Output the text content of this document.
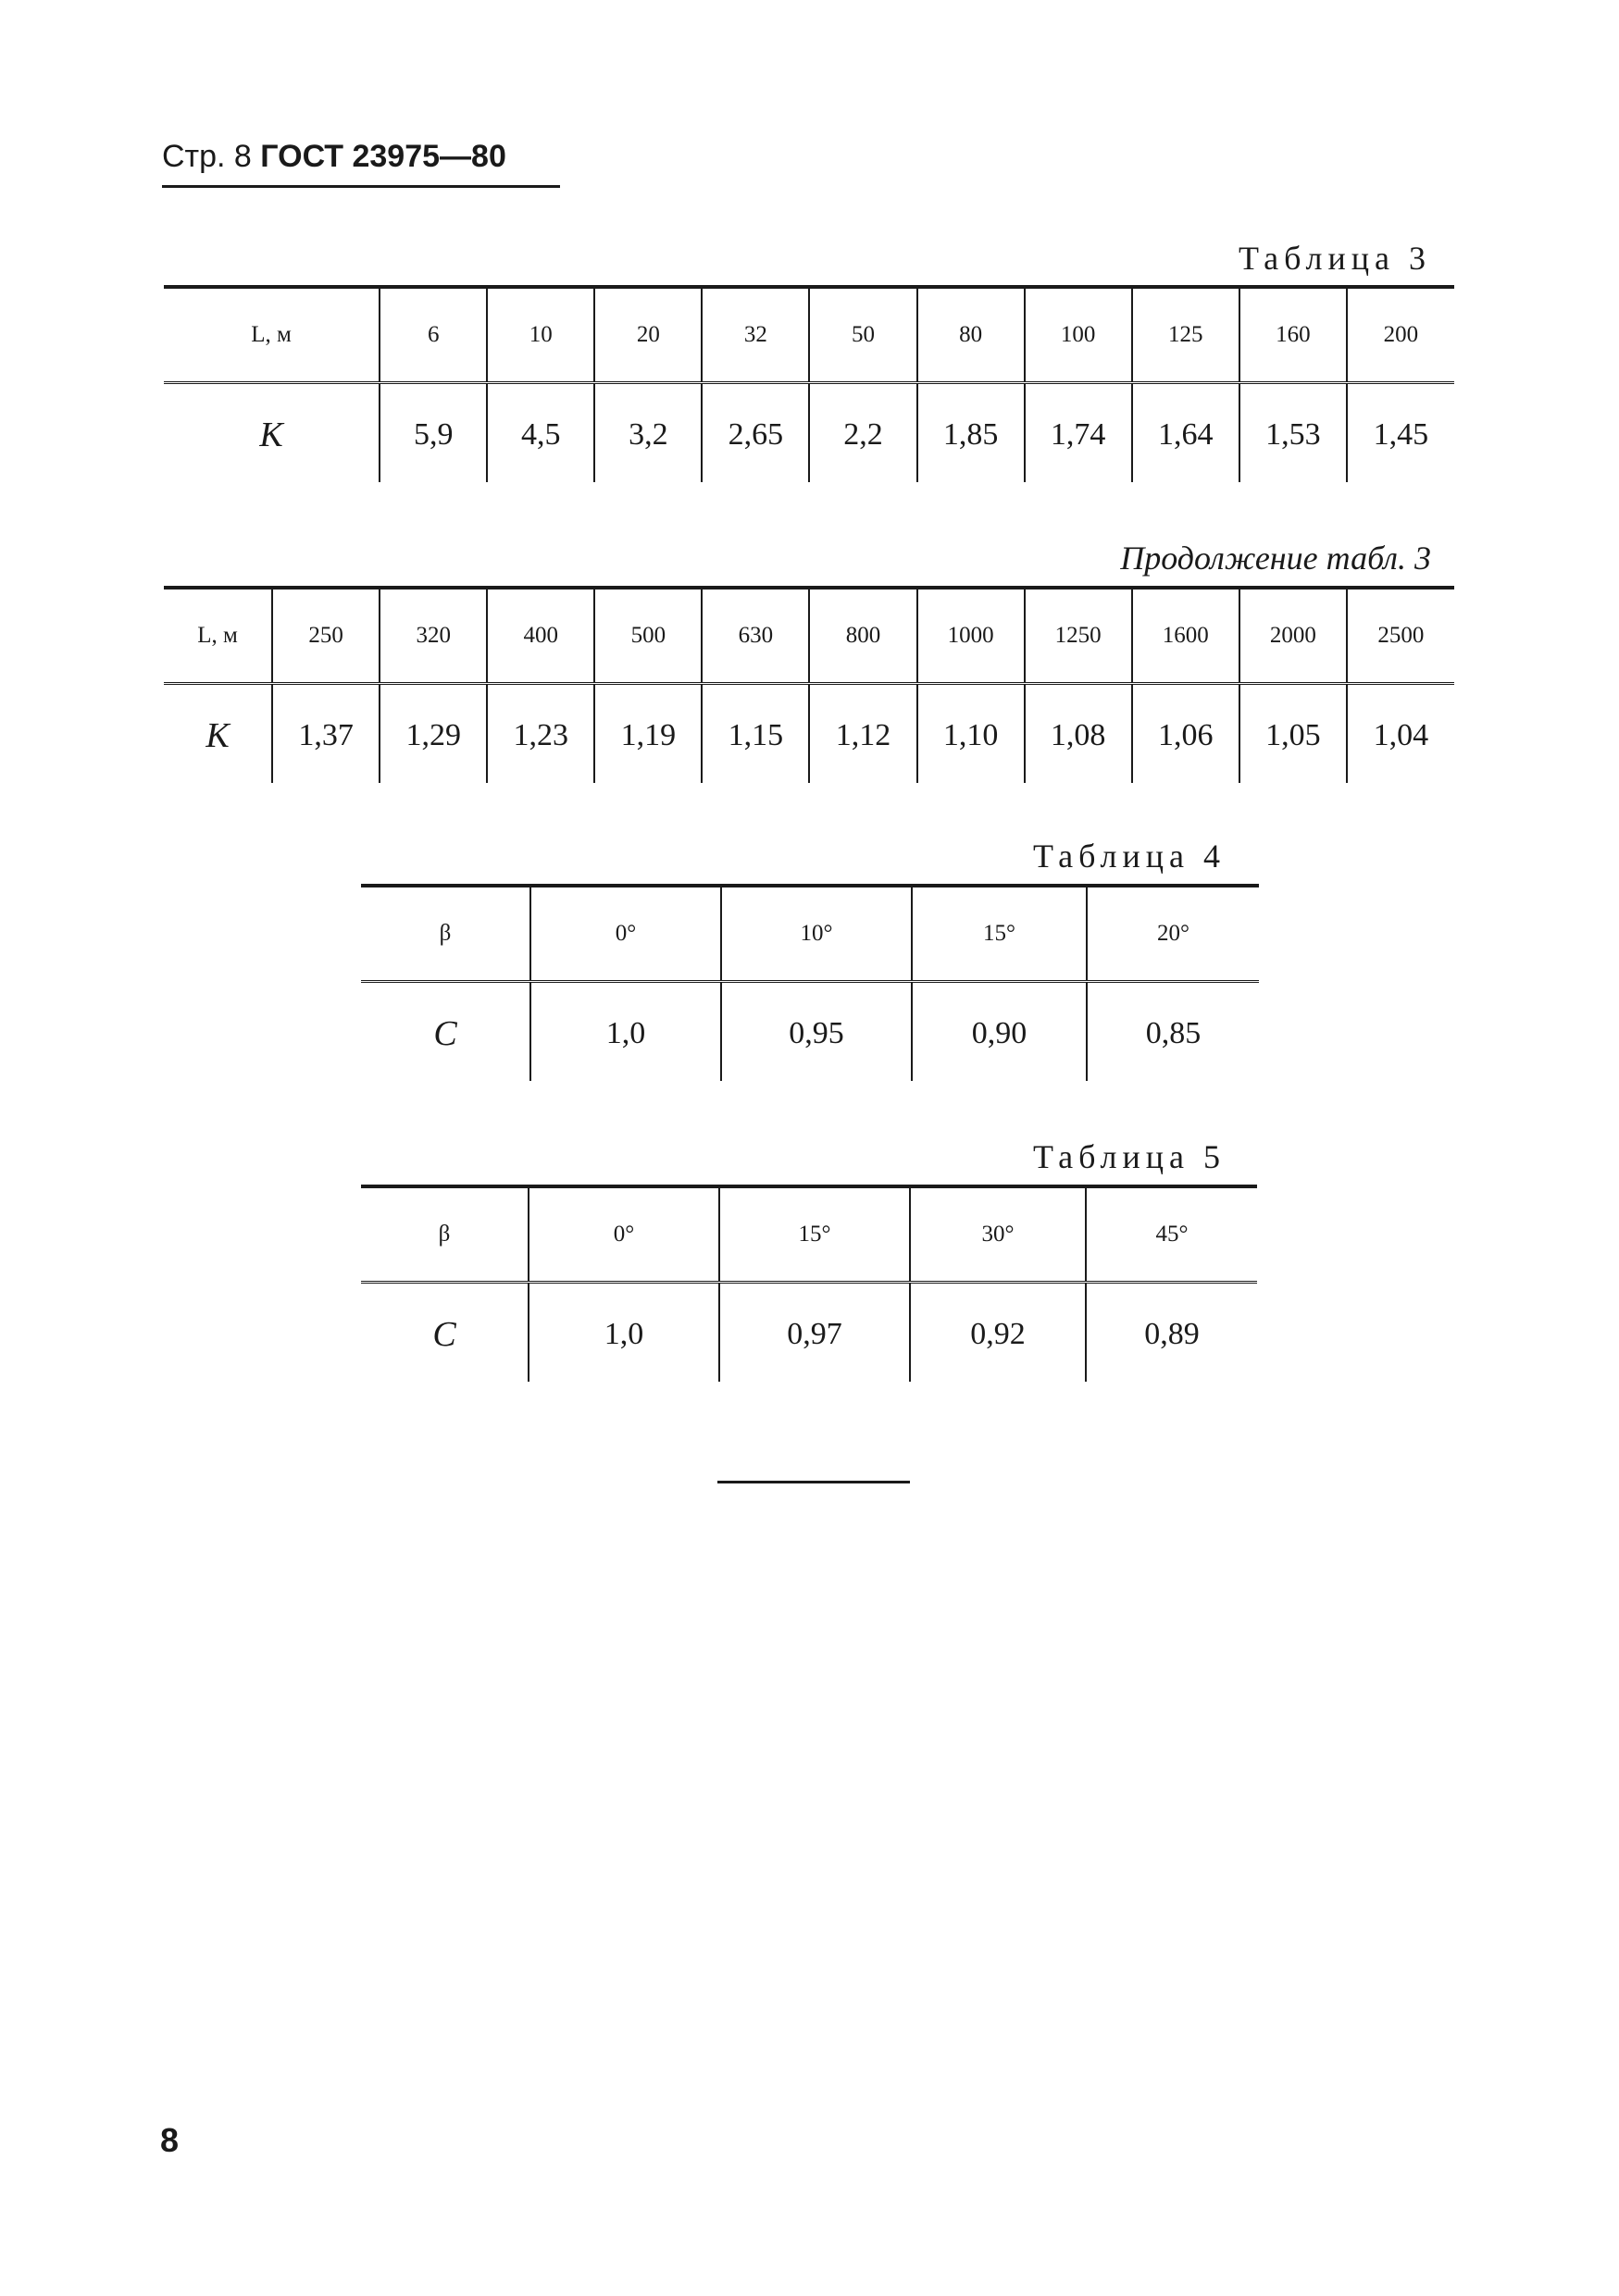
Стр. 8 ГОСТ 23975—80
Таблица 3
L, м	6	10	20	32	50	80	100	125	160	200
K	5,9	4,5	3,2	2,65	2,2	1,85	1,74	1,64	1,53	1,45
Продолжение табл. 3
L, м	250	320	400	500	630	800	1000	1250	1600	2000	2500
K	1,37	1,29	1,23	1,19	1,15	1,12	1,10	1,08	1,06	1,05	1,04
Таблица 4
β	0°	10°	15°	20°
C	1,0	0,95	0,90	0,85
Таблица 5
β	0°	15°	30°	45°
C	1,0	0,97	0,92	0,89
8
